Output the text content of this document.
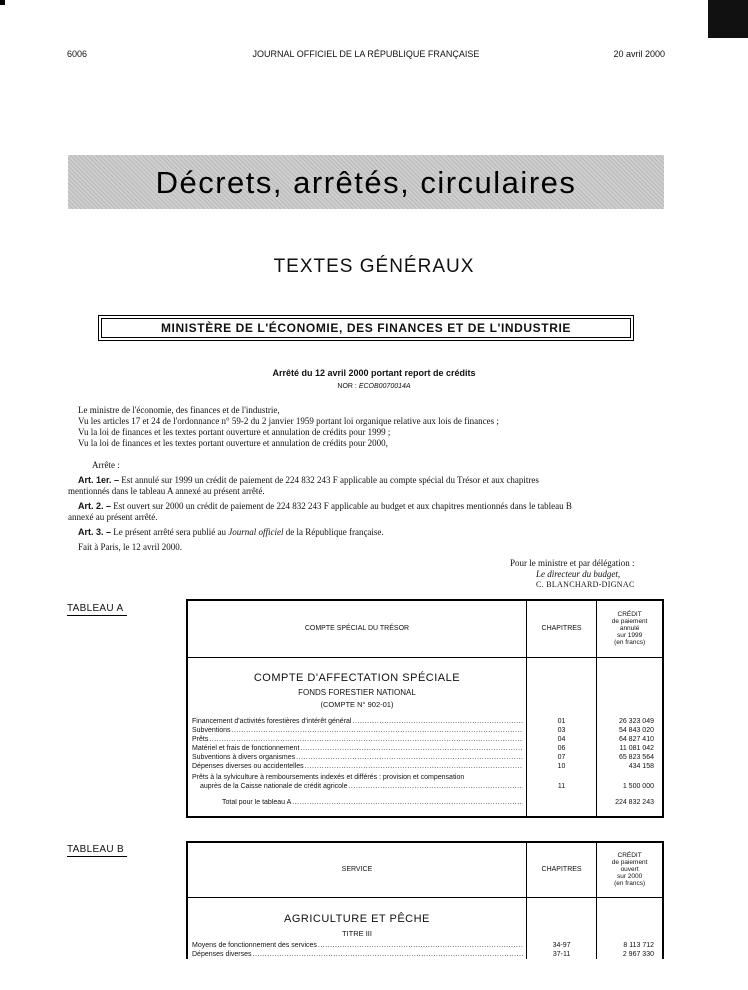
6006	JOURNAL OFFICIEL DE LA RÉPUBLIQUE FRANÇAISE	20 avril 2000
Décrets, arrêtés, circulaires
TEXTES GÉNÉRAUX
MINISTÈRE DE L'ÉCONOMIE, DES FINANCES ET DE L'INDUSTRIE
Arrêté du 12 avril 2000 portant report de crédits
NOR : ECOB0070014A
Le ministre de l'économie, des finances et de l'industrie,
Vu les articles 17 et 24 de l'ordonnance n° 59-2 du 2 janvier 1959 portant loi organique relative aux lois de finances ;
Vu la loi de finances et les textes portant ouverture et annulation de crédits pour 1999 ;
Vu la loi de finances et les textes portant ouverture et annulation de crédits pour 2000,
Arrête :
Art. 1er. – Est annulé sur 1999 un crédit de paiement de 224 832 243 F applicable au compte spécial du Trésor et aux chapitres
mentionnés dans le tableau A annexé au présent arrêté.
Art. 2. – Est ouvert sur 2000 un crédit de paiement de 224 832 243 F applicable au budget et aux chapitres mentionnés dans le tableau B
annexé au présent arrêté.
Art. 3. – Le présent arrêté sera publié au Journal officiel de la République française.
Fait à Paris, le 12 avril 2000.
Pour le ministre et par délégation :
Le directeur du budget,
C. BLANCHARD-DIGNAC
TABLEAU A
COMPTE SPÉCIAL DU TRÉSOR	CHAPITRES	CRÉDIT
de paiement
annulé
sur 1999
(en francs)

COMPTE D'AFFECTATION SPÉCIALE
FONDS FORESTIER NATIONAL
(COMPTE N° 902-01)		

Financement d'activités forestières d'intérêt général .....	01	26 323 049

Subventions .....	03	54 843 020

Prêts .....	04	64 827 410

Matériel et frais de fonctionnement .....	06	11 081 042

Subventions à divers organismes .....	07	65 823 564

Dépenses diverses ou accidentelles .....	10	434 158

Prêts à la sylviculture à remboursements indexés et différés : provision et compensation
auprès de la Caisse nationale de crédit agricole .....	11	1 500 000

Total pour le tableau A .....		224 832 243
TABLEAU B
SERVICE	CHAPITRES	CRÉDIT
de paiement
ouvert
sur 2000
(en francs)

AGRICULTURE ET PÊCHE
TITRE III		

Moyens de fonctionnement des services .....	34-97	8 113 712

Dépenses diverses .....	37-11	2 967 330
